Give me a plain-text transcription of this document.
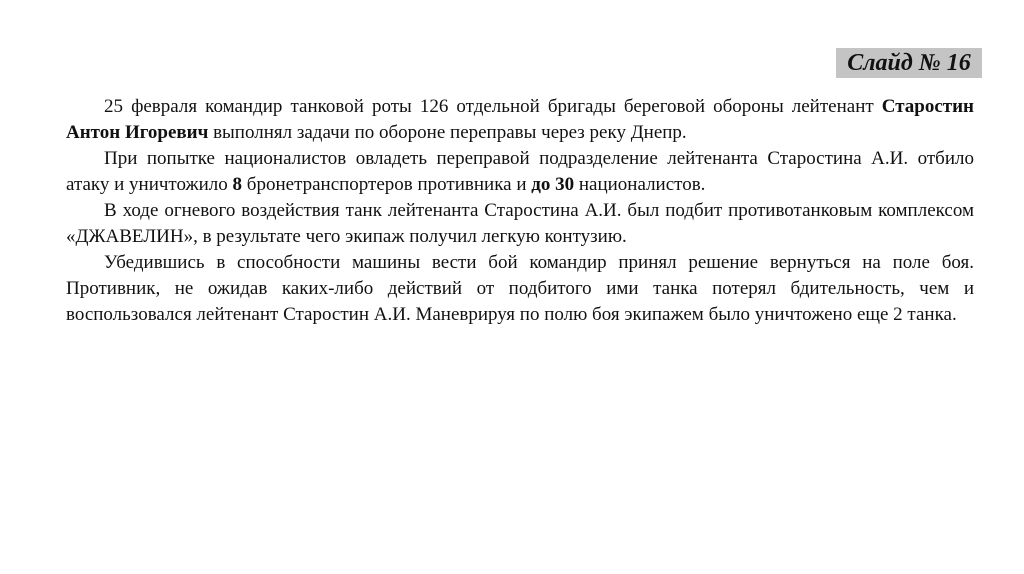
Слайд № 16

25 февраля командир танковой роты 126 отдельной бригады береговой обороны лейтенант Старостин Антон Игоревич выполнял задачи по обороне переправы через реку Днепр.

При попытке националистов овладеть переправой подразделение лейтенанта Старостина А.И. отбило атаку и уничтожило 8 бронетранспортеров противника и до 30 националистов.

В ходе огневого воздействия танк лейтенанта Старостина А.И. был подбит противотанковым комплексом «ДЖАВЕЛИН», в результате чего экипаж получил легкую контузию.

Убедившись в способности машины вести бой командир принял решение вернуться на поле боя. Противник, не ожидав каких-либо действий от подбитого ими танка потерял бдительность, чем и воспользовался лейтенант Старостин А.И. Маневрируя по полю боя экипажем было уничтожено еще 2 танка.
